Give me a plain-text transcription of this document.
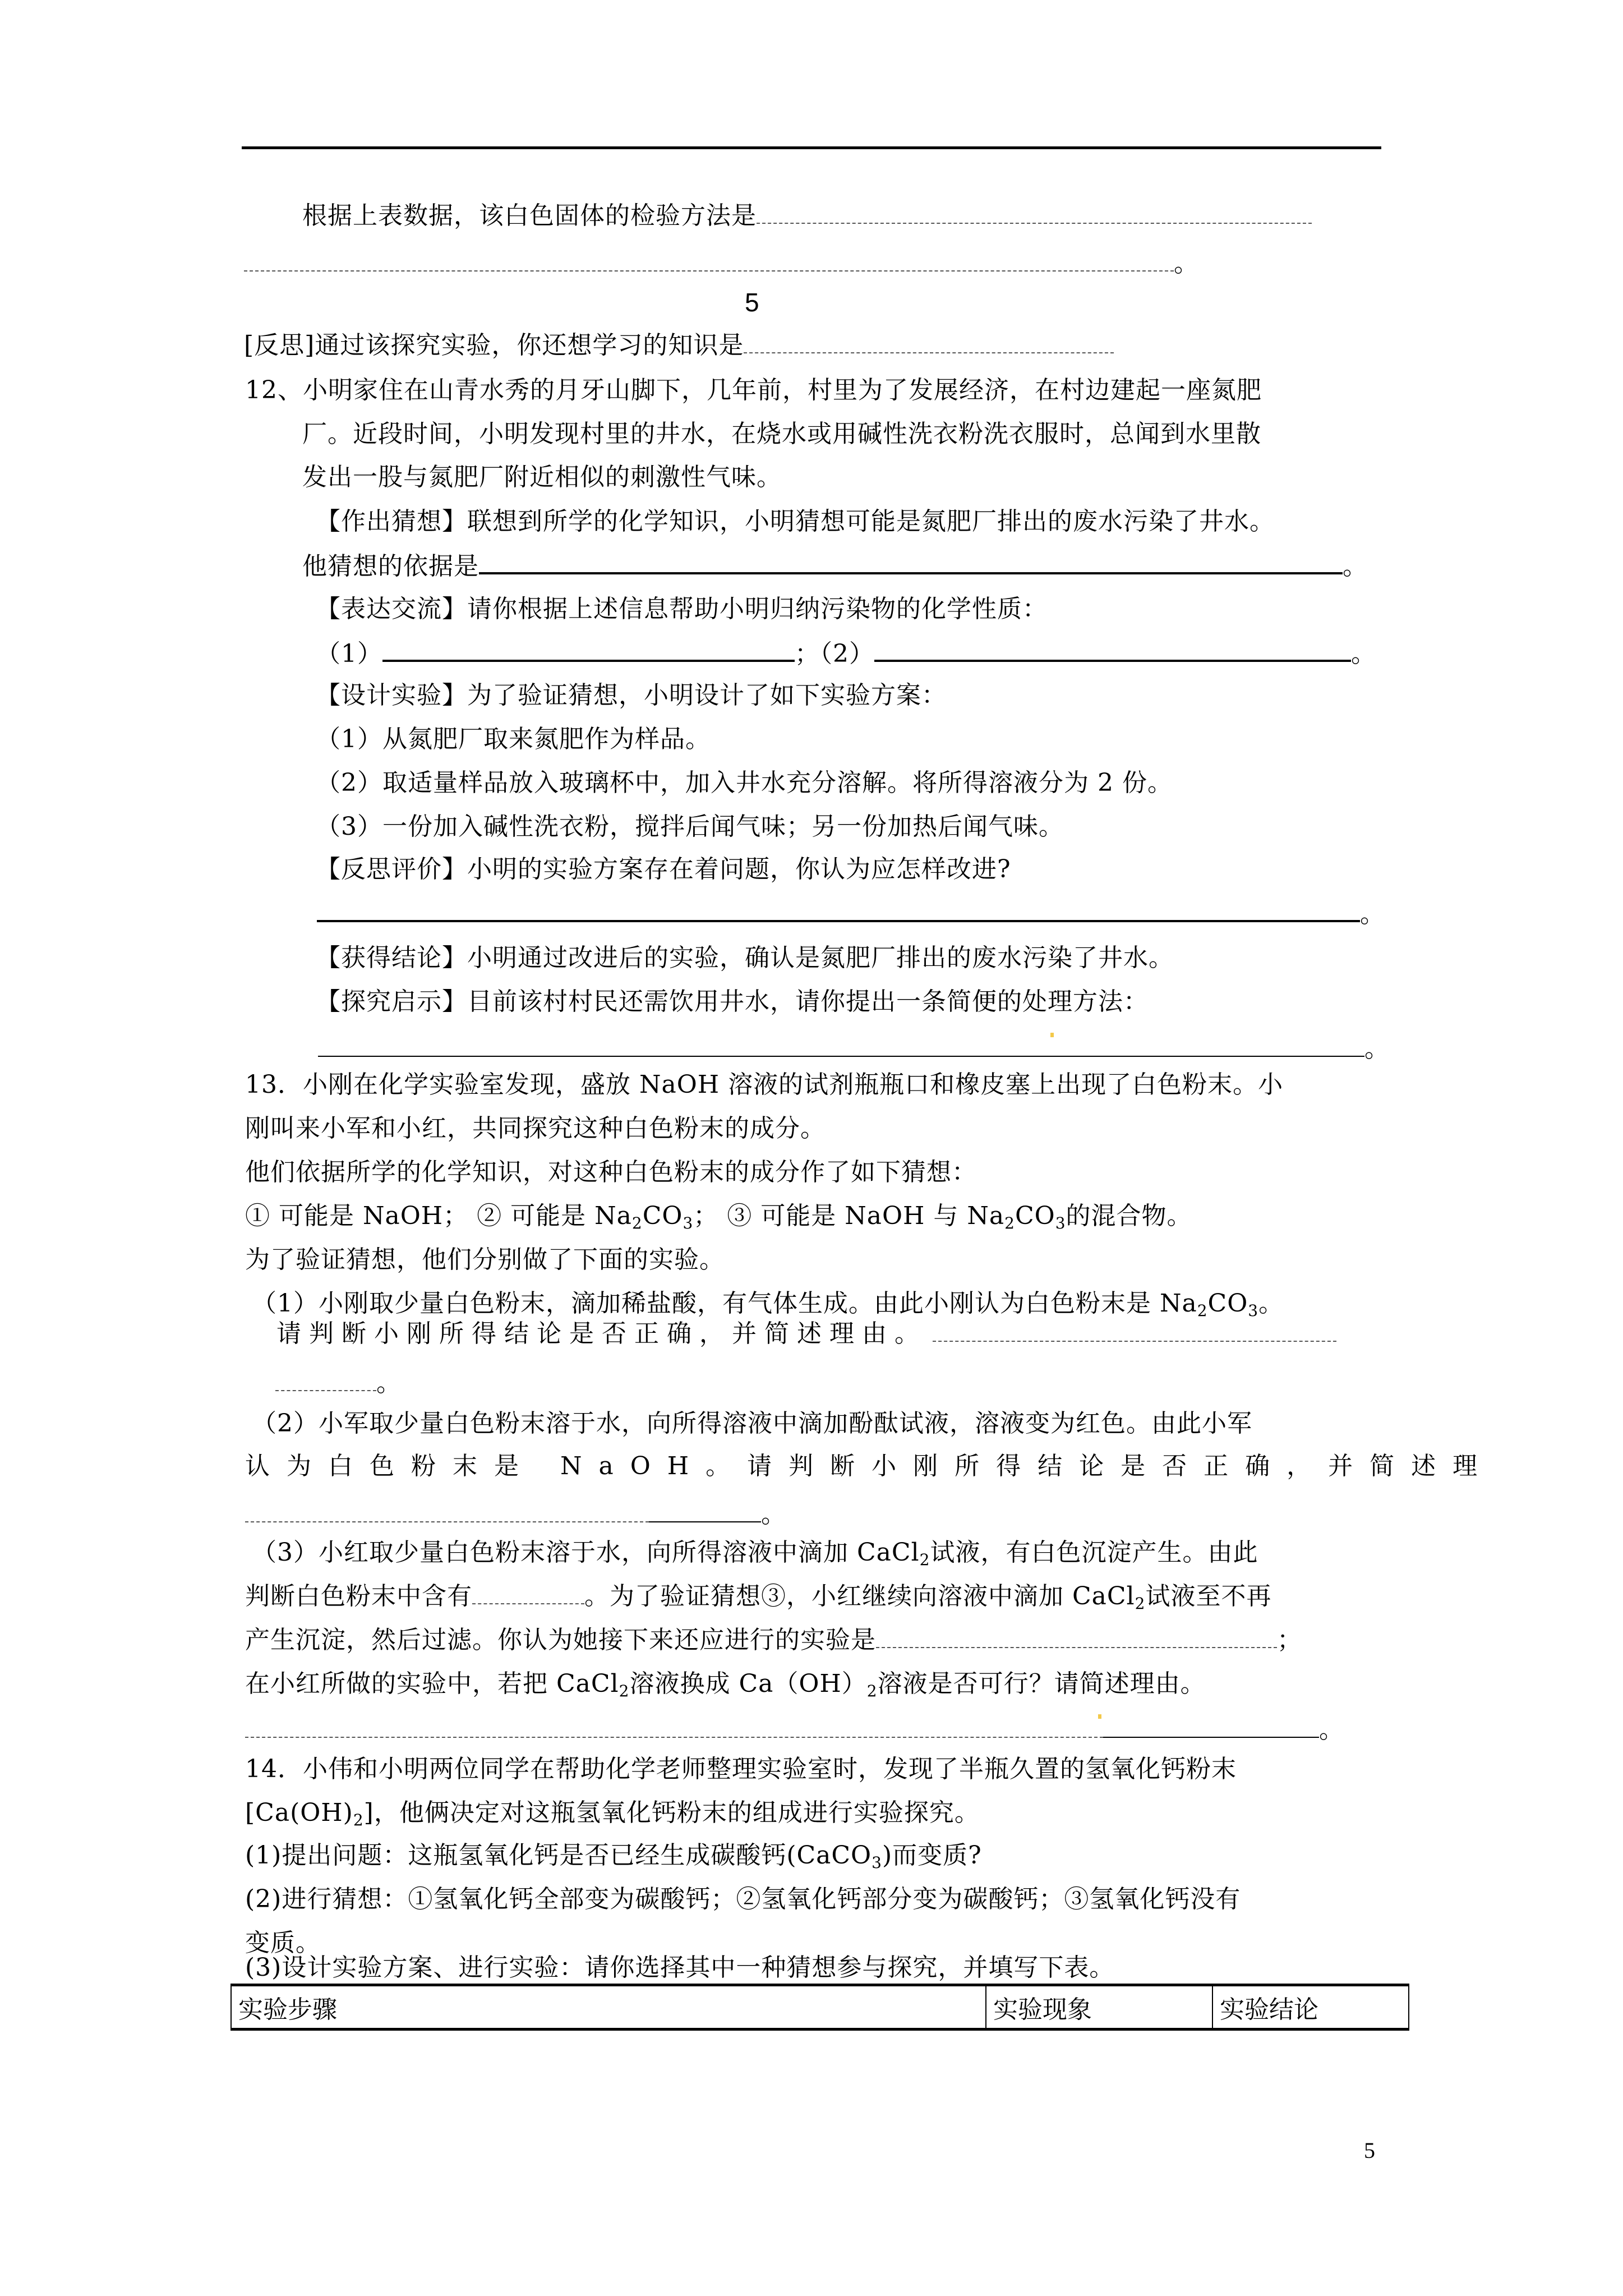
根据上表数据，该白色固体的检验方法是
。
5
[反思]通过该探究实验，你还想学习的知识是
12、小明家住在山青水秀的月牙山脚下，几年前，村里为了发展经济，在村边建起一座氮肥
厂。近段时间，小明发现村里的井水，在烧水或用碱性洗衣粉洗衣服时，总闻到水里散
发出一股与氮肥厂附近相似的刺激性气味。
【作出猜想】联想到所学的化学知识，小明猜想可能是氮肥厂排出的废水污染了井水。
他猜想的依据是	。
【表达交流】请你根据上述信息帮助小明归纳污染物的化学性质：
（1）	；（2）	。
【设计实验】为了验证猜想，小明设计了如下实验方案：
（1）从氮肥厂取来氮肥作为样品。
（2）取适量样品放入玻璃杯中，加入井水充分溶解。将所得溶液分为 2 份。
（3）一份加入碱性洗衣粉，搅拌后闻气味；另一份加热后闻气味。
【反思评价】小明的实验方案存在着问题，你认为应怎样改进?
。
【获得结论】小明通过改进后的实验，确认是氮肥厂排出的废水污染了井水。
【探究启示】目前该村村民还需饮用井水，请你提出一条简便的处理方法：
。
13．小刚在化学实验室发现，盛放 NaOH 溶液的试剂瓶瓶口和橡皮塞上出现了白色粉末。小
刚叫来小军和小红，共同探究这种白色粉末的成分。
他们依据所学的化学知识，对这种白色粉末的成分作了如下猜想：
① 可能是 NaOH； ② 可能是 $Na_2CO_3$； ③ 可能是 NaOH 与 $Na_2CO_3$的混合物。
为了验证猜想，他们分别做了下面的实验。
（1）小刚取少量白色粉末，滴加稀盐酸，有气体生成。由此小刚认为白色粉末是 $Na_2CO_3$。
请判断小刚所得结论是否正确，并简述理由。
。
（2）小军取少量白色粉末溶于水，向所得溶液中滴加酚酞试液，溶液变为红色。由此小军
认为白色粉末是 NaOH。请判断小刚所得结论是否正确，并简述理
。
（3）小红取少量白色粉末溶于水，向所得溶液中滴加 CaCl$_2$试液，有白色沉淀产生。由此
判断白色粉末中含有	。为了验证猜想③，小红继续向溶液中滴加 CaCl$_2$试液至不再
产生沉淀，然后过滤。你认为她接下来还应进行的实验是	；
在小红所做的实验中，若把 CaCl$_2$溶液换成 $Ca(OH)_2$溶液是否可行？请简述理由。
。
14．小伟和小明两位同学在帮助化学老师整理实验室时，发现了半瓶久置的氢氧化钙粉末
$[Ca(OH)_2]$，他俩决定对这瓶氢氧化钙粉末的组成进行实验探究。
(1)提出问题：这瓶氢氧化钙是否已经生成碳酸钙(CaCO$_3$)而变质?
(2)进行猜想：①氢氧化钙全部变为碳酸钙；②氢氧化钙部分变为碳酸钙；③氢氧化钙没有
变质。
(3)设计实验方案、进行实验：请你选择其中一种猜想参与探究，并填写下表。
实验步骤	实验现象	实验结论
5
